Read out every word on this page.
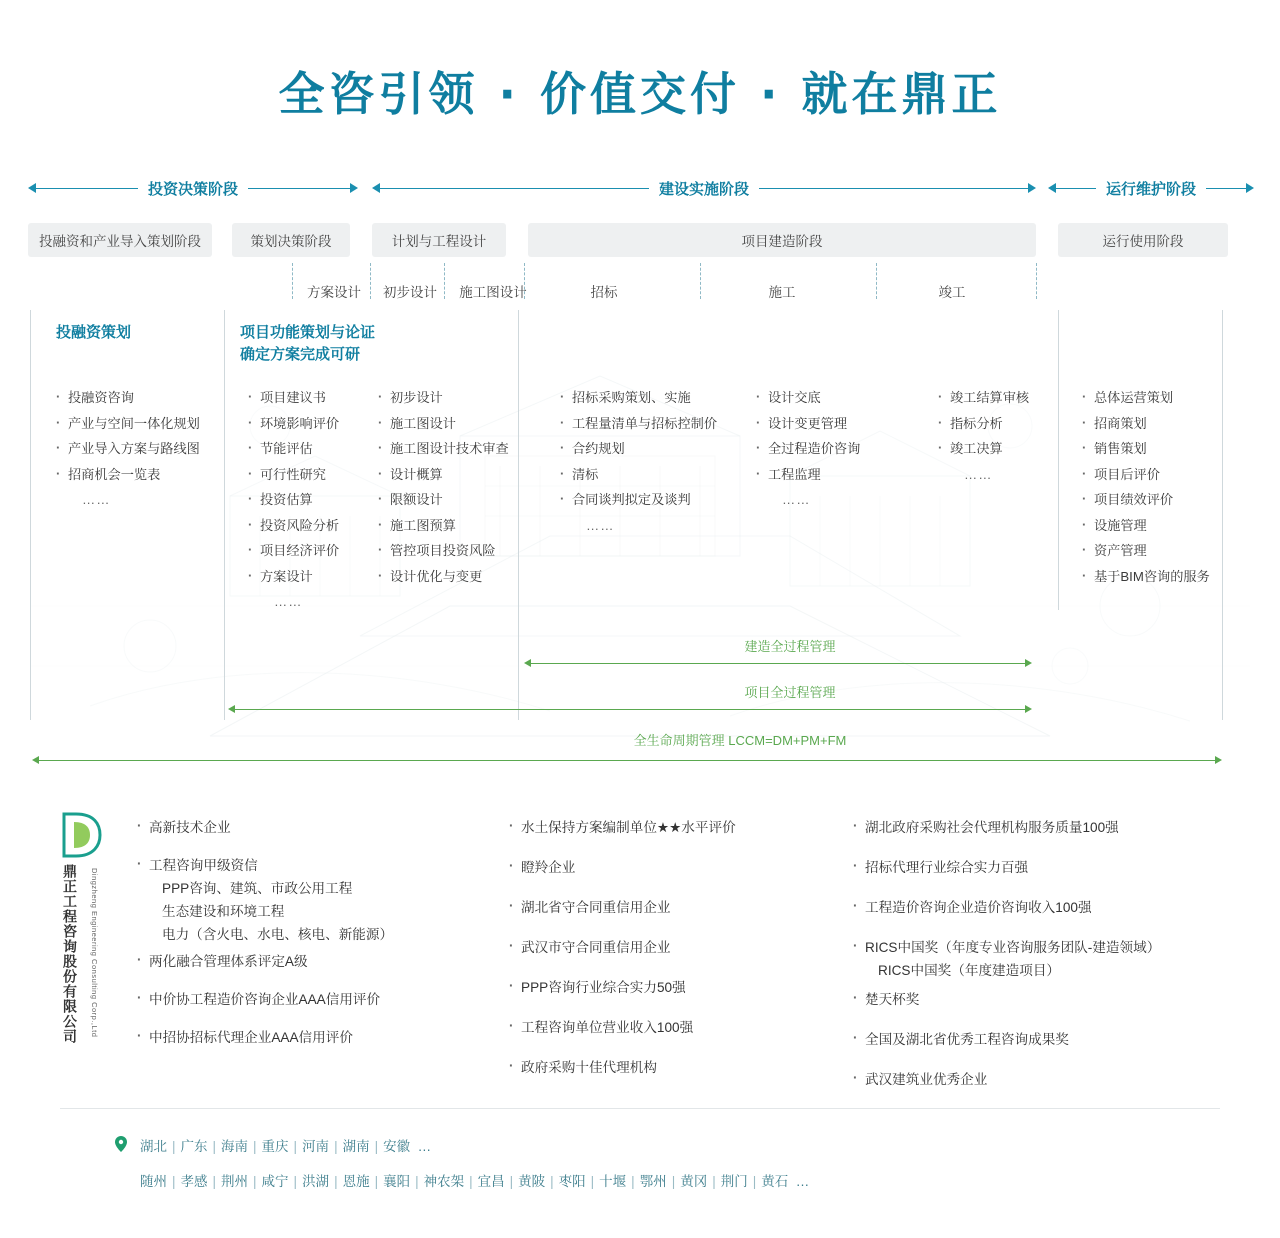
全咨引领 · 价值交付 · 就在鼎正
投资决策阶段	建设实施阶段	运行维护阶段
投融资和产业导入策划阶段	策划决策阶段	计划与工程设计	项目建造阶段	运行使用阶段
方案设计	初步设计	施工图设计	招标	施工	竣工
投融资策划	项目功能策划与论证
确定方案完成可研
· 投融资咨询
· 产业与空间一体化规划
· 产业导入方案与路线图
· 招商机会一览表
……
· 项目建议书
· 环境影响评价
· 节能评估
· 可行性研究
· 投资估算
· 投资风险分析
· 项目经济评价
· 方案设计
……
· 初步设计
· 施工图设计
· 施工图设计技术审查
· 设计概算
· 限额设计
· 施工图预算
· 管控项目投资风险
· 设计优化与变更
· 招标采购策划、实施
· 工程量清单与招标控制价
· 合约规划
· 清标
· 合同谈判拟定及谈判
……
· 设计交底
· 设计变更管理
· 全过程造价咨询
· 工程监理
……
· 竣工结算审核
· 指标分析
· 竣工决算
……
· 总体运营策划
· 招商策划
· 销售策划
· 项目后评价
· 项目绩效评价
· 设施管理
· 资产管理
· 基于BIM咨询的服务
建造全过程管理
项目全过程管理
全生命周期管理 LCCM=DM+PM+FM
鼎正工程咨询股份有限公司 Dingzheng Engineering Consulting Corp.,Ltd
· 高新技术企业
· 工程咨询甲级资信
PPP咨询、建筑、市政公用工程
生态建设和环境工程
电力（含火电、水电、核电、新能源）
· 两化融合管理体系评定A级
· 中价协工程造价咨询企业AAA信用评价
· 中招协招标代理企业AAA信用评价
· 水土保持方案编制单位★★水平评价
· 瞪羚企业
· 湖北省守合同重信用企业
· 武汉市守合同重信用企业
· PPP咨询行业综合实力50强
· 工程咨询单位营业收入100强
· 政府采购十佳代理机构
· 湖北政府采购社会代理机构服务质量100强
· 招标代理行业综合实力百强
· 工程造价咨询企业造价咨询收入100强
· RICS中国奖（年度专业咨询服务团队-建造领域）
RICS中国奖（年度建造项目）
· 楚天杯奖
· 全国及湖北省优秀工程咨询成果奖
· 武汉建筑业优秀企业
湖北 | 广东 | 海南 | 重庆 | 河南 | 湖南 | 安徽 …
随州 | 孝感 | 荆州 | 咸宁 | 洪湖 | 恩施 | 襄阳 | 神农架 | 宜昌 | 黄陂 | 枣阳 | 十堰 | 鄂州 | 黄冈 | 荆门 | 黄石 …
